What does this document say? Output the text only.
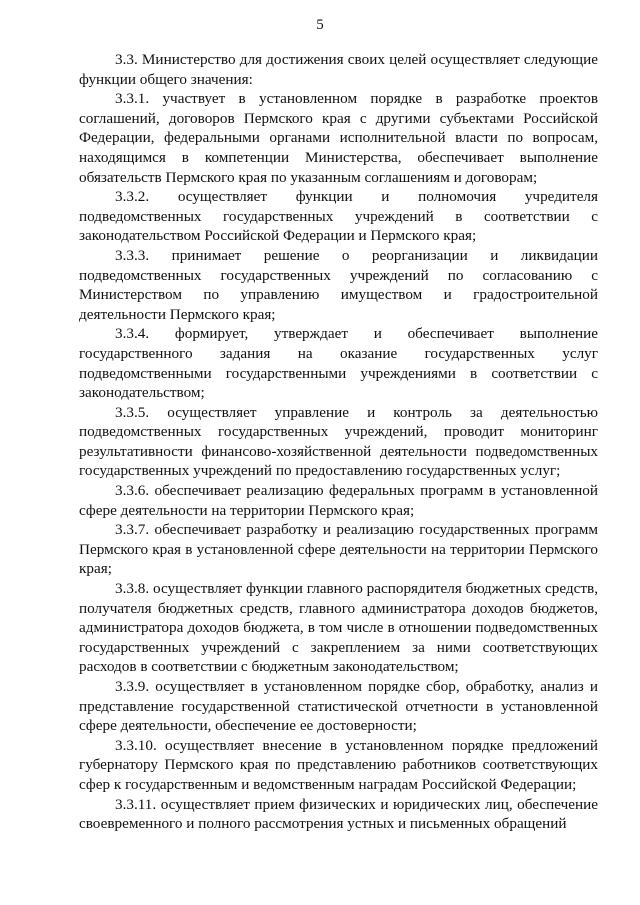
5

3.3. Министерство для достижения своих целей осуществляет следующие функции общего значения:

3.3.1. участвует в установленном порядке в разработке проектов соглашений, договоров Пермского края с другими субъектами Российской Федерации, федеральными органами исполнительной власти по вопросам, находящимся в компетенции Министерства, обеспечивает выполнение обязательств Пермского края по указанным соглашениям и договорам;

3.3.2. осуществляет функции и полномочия учредителя подведомственных государственных учреждений в соответствии с законодательством Российской Федерации и Пермского края;

3.3.3. принимает решение о реорганизации и ликвидации подведомственных государственных учреждений по согласованию с Министерством по управлению имуществом и градостроительной деятельности Пермского края;

3.3.4. формирует, утверждает и обеспечивает выполнение государственного задания на оказание государственных услуг подведомственными государственными учреждениями в соответствии с законодательством;

3.3.5. осуществляет управление и контроль за деятельностью подведомственных государственных учреждений, проводит мониторинг результативности финансово-хозяйственной деятельности подведомственных государственных учреждений по предоставлению государственных услуг;

3.3.6. обеспечивает реализацию федеральных программ в установленной сфере деятельности на территории Пермского края;

3.3.7. обеспечивает разработку и реализацию государственных программ Пермского края в установленной сфере деятельности на территории Пермского края;

3.3.8. осуществляет функции главного распорядителя бюджетных средств, получателя бюджетных средств, главного администратора доходов бюджетов, администратора доходов бюджета, в том числе в отношении подведомственных государственных учреждений с закреплением за ними соответствующих расходов в соответствии с бюджетным законодательством;

3.3.9. осуществляет в установленном порядке сбор, обработку, анализ и представление государственной статистической отчетности в установленной сфере деятельности, обеспечение ее достоверности;

3.3.10. осуществляет внесение в установленном порядке предложений губернатору Пермского края по представлению работников соответствующих сфер к государственным и ведомственным наградам Российской Федерации;

3.3.11. осуществляет прием физических и юридических лиц, обеспечение своевременного и полного рассмотрения устных и письменных обращений
